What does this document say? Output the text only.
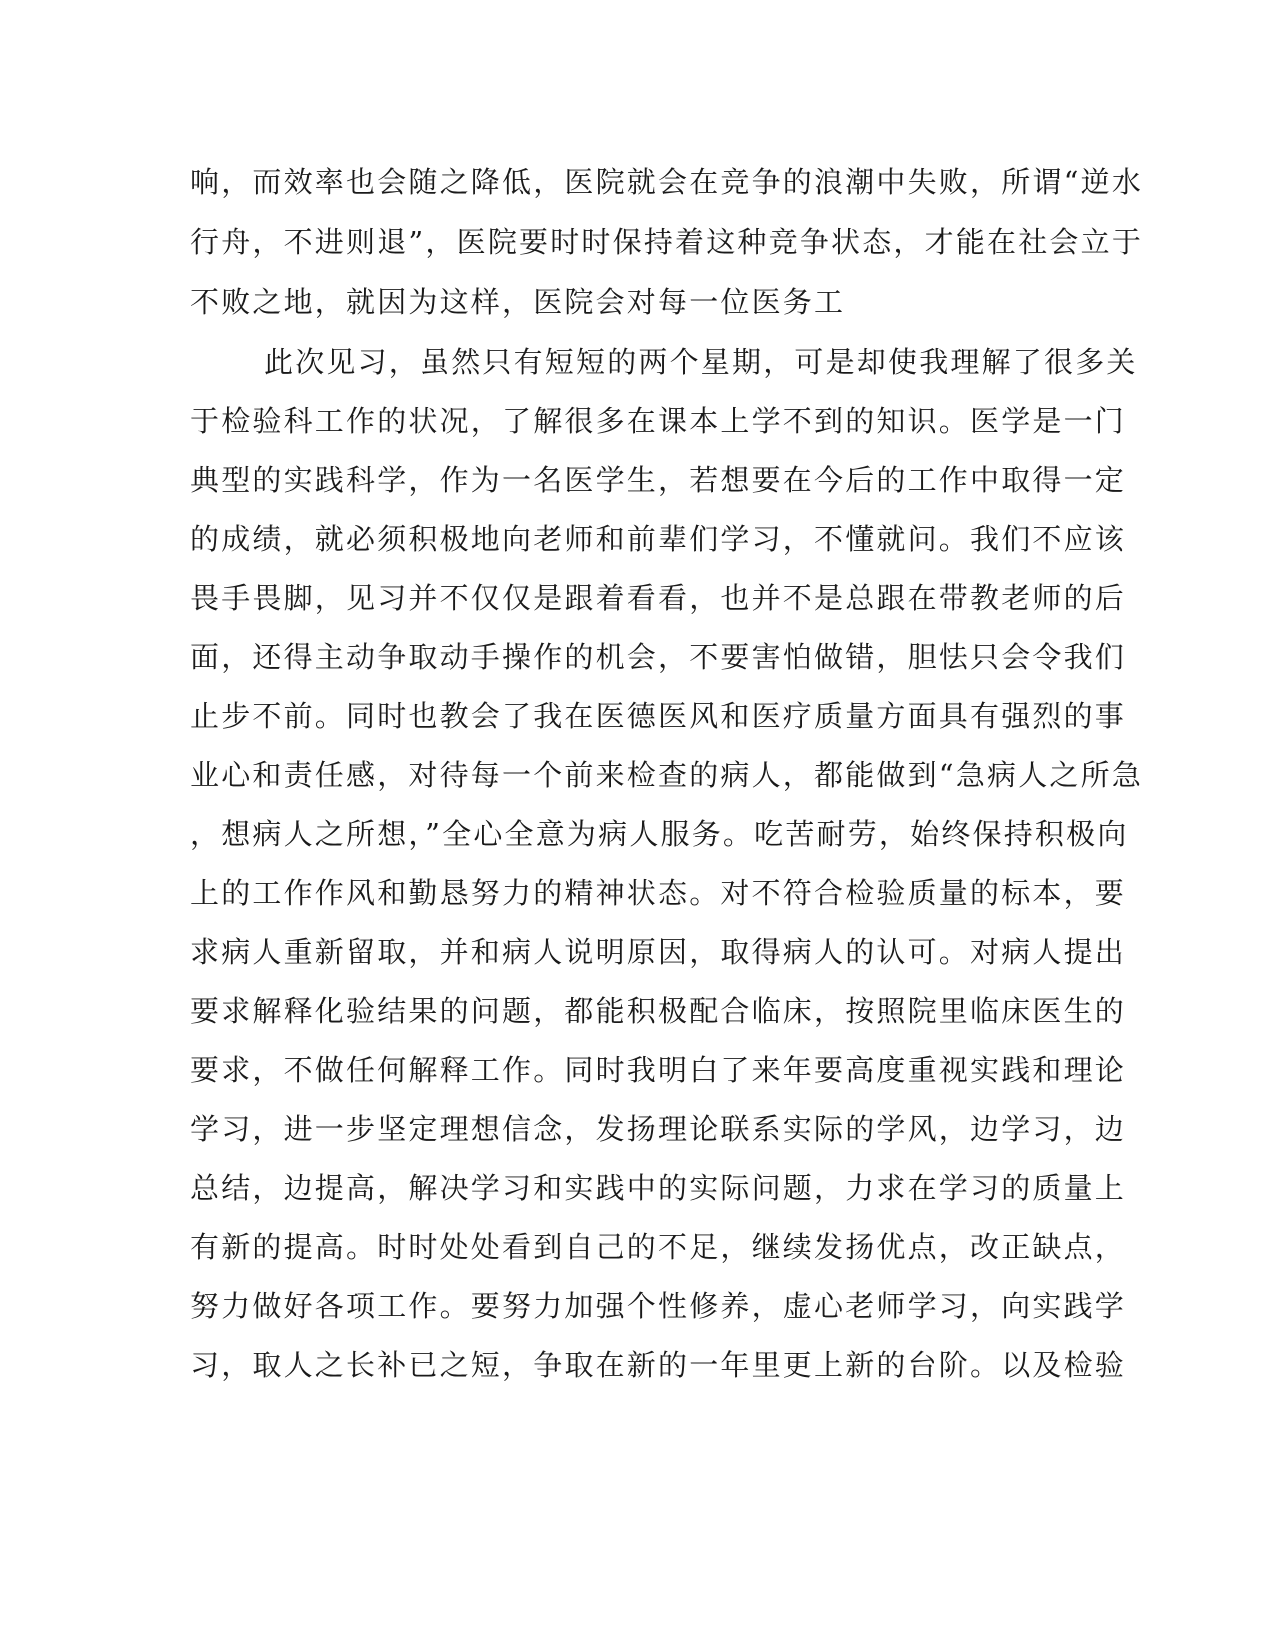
响，而效率也会随之降低，医院就会在竞争的浪潮中失败，所谓“逆水
行舟，不进则退”，医院要时时保持着这种竞争状态，才能在社会立于
不败之地，就因为这样，医院会对每一位医务工
此次见习，虽然只有短短的两个星期，可是却使我理解了很多关
于检验科工作的状况，了解很多在课本上学不到的知识。医学是一门
典型的实践科学，作为一名医学生，若想要在今后的工作中取得一定
的成绩，就必须积极地向老师和前辈们学习，不懂就问。我们不应该
畏手畏脚，见习并不仅仅是跟着看看，也并不是总跟在带教老师的后
面，还得主动争取动手操作的机会，不要害怕做错，胆怯只会令我们
止步不前。同时也教会了我在医德医风和医疗质量方面具有强烈的事
业心和责任感，对待每一个前来检查的病人，都能做到“急病人之所急
，想病人之所想，”全心全意为病人服务。吃苦耐劳，始终保持积极向
上的工作作风和勤恳努力的精神状态。对不符合检验质量的标本，要
求病人重新留取，并和病人说明原因，取得病人的认可。对病人提出
要求解释化验结果的问题，都能积极配合临床，按照院里临床医生的
要求，不做任何解释工作。同时我明白了来年要高度重视实践和理论
学习，进一步坚定理想信念，发扬理论联系实际的学风，边学习，边
总结，边提高，解决学习和实践中的实际问题，力求在学习的质量上
有新的提高。时时处处看到自己的不足，继续发扬优点，改正缺点，
努力做好各项工作。要努力加强个性修养，虚心老师学习，向实践学
习，取人之长补已之短，争取在新的一年里更上新的台阶。以及检验
